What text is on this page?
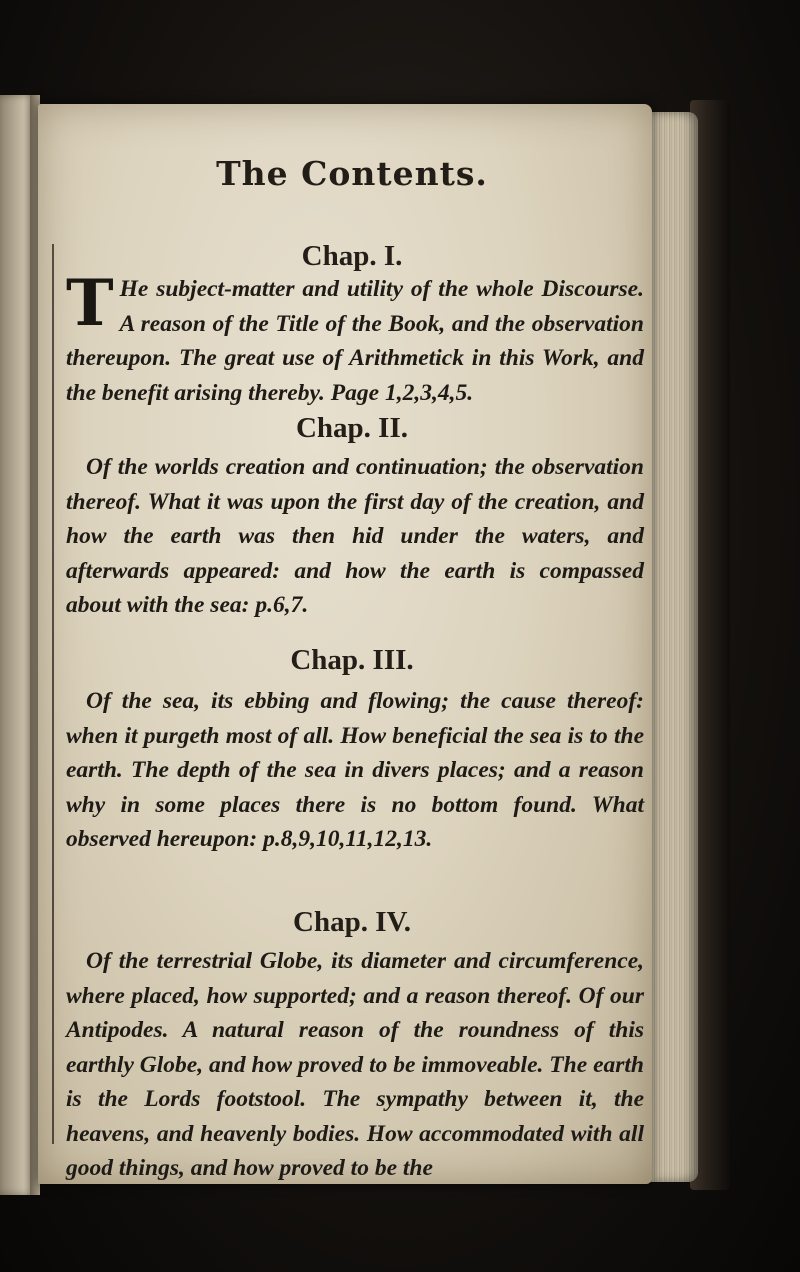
The Contents.
Chap. I.

T He subject-matter and utility of the whole Discourse. A reason of the Title of the Book, and the observation thereupon. The great use of Arithmetick in this Work, and the benefit arising thereby. Page 1,2,3,4,5.

Chap. II.

Of the worlds creation and continuation; the observation thereof. What it was upon the first day of the creation, and how the earth was then hid under the waters, and afterwards appeared: and how the earth is compassed about with the sea: p.6,7.

Chap. III.

Of the sea, its ebbing and flowing; the cause thereof: when it purgeth most of all. How beneficial the sea is to the earth. The depth of the sea in divers places; and a reason why in some places there is no bottom found. What observed hereupon: p.8,9,10,11,12,13.

Chap. IV.

Of the terrestrial Globe, its diameter and circumference, where placed, how supported; and a reason thereof. Of our Antipodes. A natural reason of the roundness of this earthly Globe, and how proved to be immoveable. The earth is the Lords footstool. The sympathy between it, the heavens, and heavenly bodies. How accommodated with all good things, and how proved to be the
